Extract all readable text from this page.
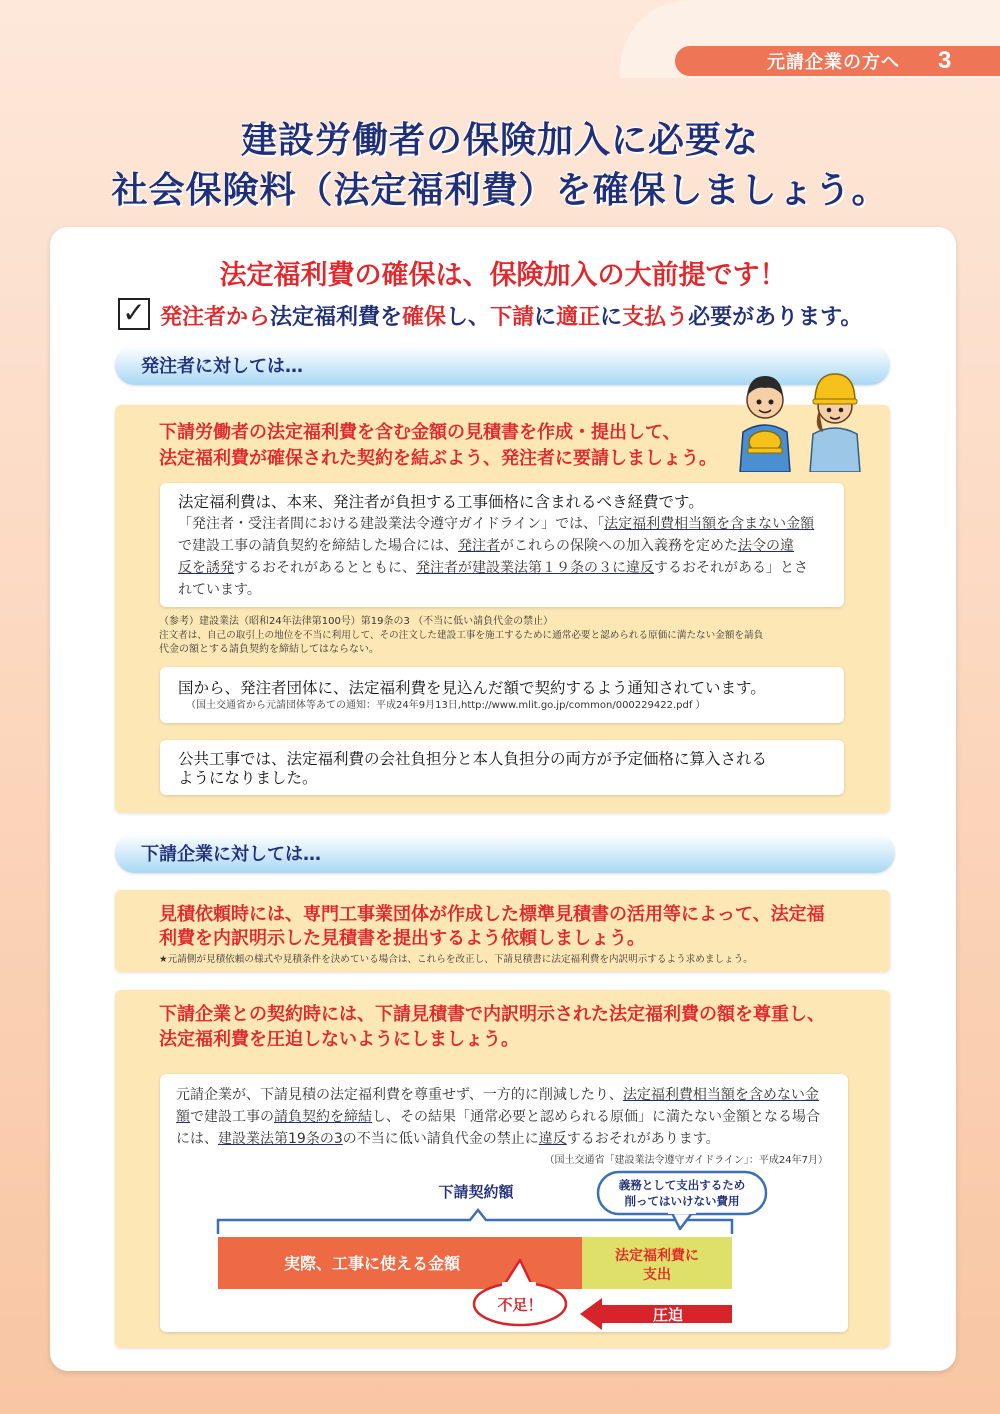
元請企業の方へ 3
建設労働者の保険加入に必要な
社会保険料（法定福利費）を確保しましょう。
法定福利費の確保は、保険加入の大前提です！
✓ 発注者から法定福利費を確保し、下請に適正に支払う必要があります。
発注者に対しては…
下請労働者の法定福利費を含む金額の見積書を作成・提出して、
法定福利費が確保された契約を結ぶよう、発注者に要請しましょう。
法定福利費は、本来、発注者が負担する工事価格に含まれるべき経費です。
「発注者・受注者間における建設業法令遵守ガイドライン」では、「法定福利費相当額を含まない金額
で建設工事の請負契約を締結した場合には、発注者がこれらの保険への加入義務を定めた法令の違
反を誘発するおそれがあるとともに、発注者が建設業法第１９条の３に違反するおそれがある」とさ
れています。
（参考）建設業法（昭和24年法律第100号）第19条の3 （不当に低い請負代金の禁止）
注文者は、自己の取引上の地位を不当に利用して、その注文した建設工事を施工するために通常必要と認められる原価に満たない金額を請負
代金の額とする請負契約を締結してはならない。
国から、発注者団体に、法定福利費を見込んだ額で契約するよう通知されています。
（国土交通省から元請団体等あての通知：平成24年9月13日,http://www.mlit.go.jp/common/000229422.pdf ）
公共工事では、法定福利費の会社負担分と本人負担分の両方が予定価格に算入される
ようになりました。
下請企業に対しては…
見積依頼時には、専門工事業団体が作成した標準見積書の活用等によって、法定福
利費を内訳明示した見積書を提出するよう依頼しましょう。
★元請側が見積依頼の様式や見積条件を決めている場合は、これらを改正し、下請見積書に法定福利費を内訳明示するよう求めましょう。
下請企業との契約時には、下請見積書で内訳明示された法定福利費の額を尊重し、
法定福利費を圧迫しないようにしましょう。
元請企業が、下請見積の法定福利費を尊重せず、一方的に削減したり、法定福利費相当額を含めない金
額で建設工事の請負契約を締結し、その結果「通常必要と認められる原価」に満たない金額となる場合
には、建設業法第19条の3の不当に低い請負代金の禁止に違反するおそれがあります。
（国土交通省「建設業法令遵守ガイドライン」：平成24年7月）
下請契約額	義務として支出するため
削ってはいけない費用
実際、工事に使える金額	法定福利費に
支出
不足！
圧迫
